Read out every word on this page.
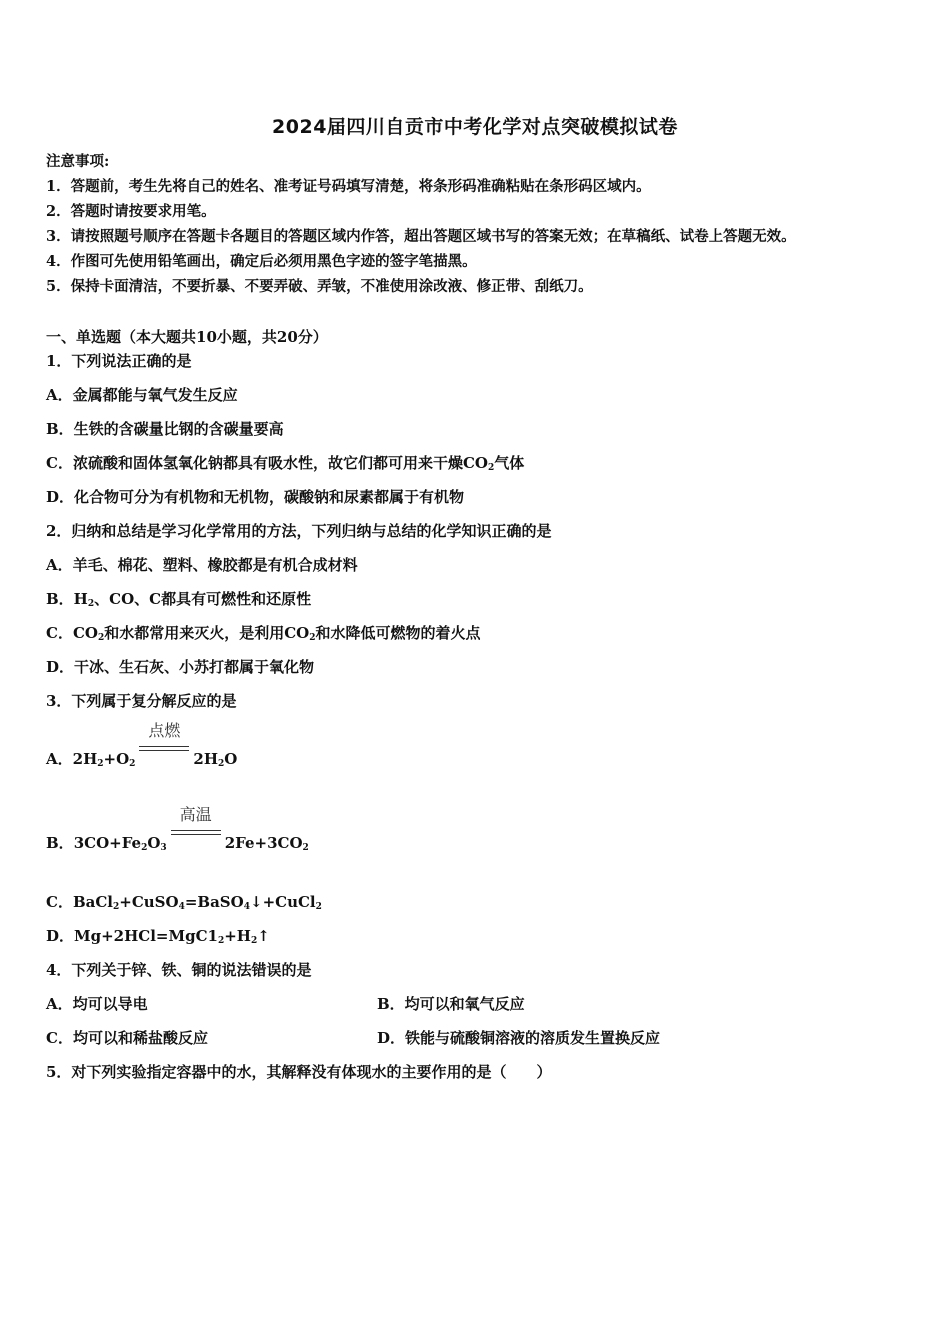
2024届四川自贡市中考化学对点突破模拟试卷
注意事项:
1．答题前，考生先将自己的姓名、准考证号码填写清楚，将条形码准确粘贴在条形码区域内。
2．答题时请按要求用笔。
3．请按照题号顺序在答题卡各题目的答题区域内作答，超出答题区域书写的答案无效；在草稿纸、试卷上答题无效。
4．作图可先使用铅笔画出，确定后必须用黑色字迹的签字笔描黑。
5．保持卡面清洁，不要折暴、不要弄破、弄皱，不准使用涂改液、修正带、刮纸刀。
一、单选题（本大题共10小题，共20分）
1．下列说法正确的是
A．金属都能与氧气发生反应
B．生铁的含碳量比钢的含碳量要高
C．浓硫酸和固体氢氧化钠都具有吸水性，故它们都可用来干燥$CO_2$气体
D．化合物可分为有机物和无机物，碳酸钠和尿素都属于有机物
2．归纳和总结是学习化学常用的方法，下列归纳与总结的化学知识正确的是
A．羊毛、棉花、塑料、橡胶都是有机合成材料
B．$H_2$、CO、C都具有可燃性和还原性
C．$CO_2$和水都常用来灭火，是利用$CO_2$和水降低可燃物的着火点
D．干冰、生石灰、小苏打都属于氧化物
3．下列属于复分解反应的是
A．$2H_2+O_2$
点燃
$2H_2O$
B．$3CO+Fe_2O_3$
高温
$2Fe+3CO_2$
C．BaCl$_2$+CuSO$_4$=BaSO$_4$↓+CuCl$_2$
D．$Mg+2HCl=MgC1_2+H_2↑$
4．下列关于锌、铁、铜的说法错误的是
A．均可以导电	B．均可以和氧气反应
C．均可以和稀盐酸反应	D．铁能与硫酸铜溶液的溶质发生置换反应
5．对下列实验指定容器中的水，其解释没有体现水的主要作用的是（　　）
